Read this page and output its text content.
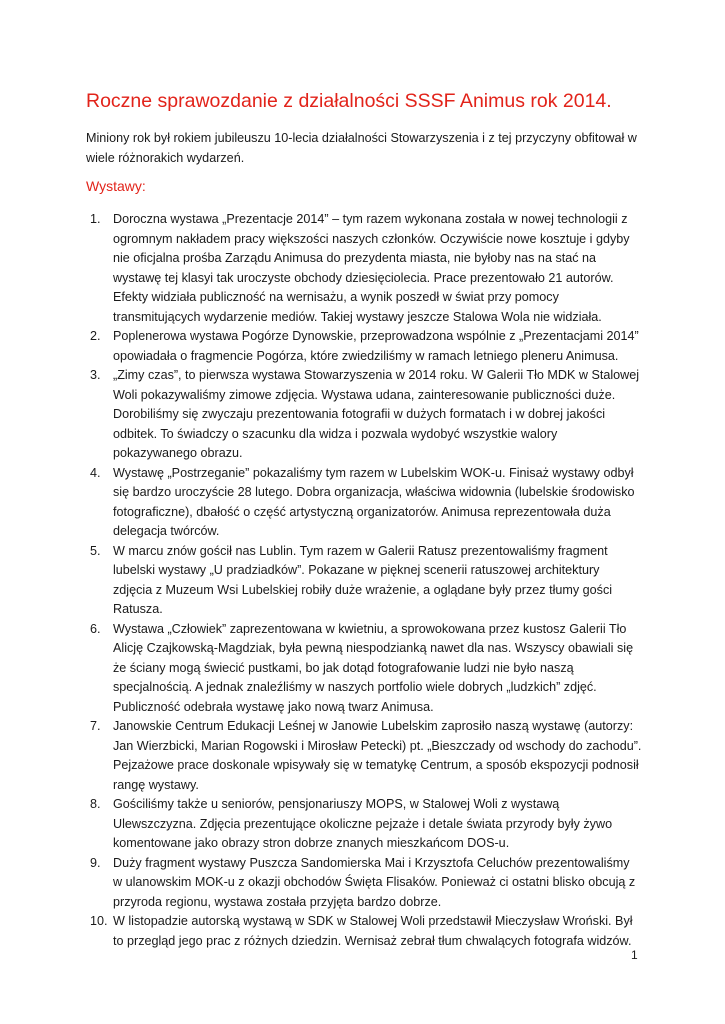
Roczne sprawozdanie z działalności SSSF Animus rok 2014.

Miniony rok był rokiem jubileuszu 10-lecia działalności Stowarzyszenia i z tej przyczyny obfitował w wiele różnorakich wydarzeń.

Wystawy:
1. Doroczna wystawa „Prezentacje 2014” – tym razem wykonana została w nowej technologii z ogromnym nakładem pracy większości naszych członków. Oczywiście nowe kosztuje i gdyby nie oficjalna prośba Zarządu Animusa do prezydenta miasta, nie byłoby nas na stać na wystawę tej klasyi tak uroczyste obchody dziesięciolecia. Prace prezentowało 21 autorów.

Efekty widziała publiczność na wernisażu, a wynik poszedł w świat przy pomocy transmitujących wydarzenie mediów. Takiej wystawy jeszcze Stalowa Wola nie widziała.

2. Poplenerowa wystawa Pogórze Dynowskie, przeprowadzona wspólnie z „Prezentacjami 2014” opowiadała o fragmencie Pogórza, które zwiedziliśmy w ramach letniego pleneru Animusa.

3. „Zimy czas”, to pierwsza wystawa Stowarzyszenia w 2014 roku. W Galerii Tło MDK w Stalowej Woli pokazywaliśmy zimowe zdjęcia. Wystawa udana, zainteresowanie publiczności duże. Dorobiliśmy się zwyczaju prezentowania fotografii w dużych formatach i w dobrej jakości odbitek. To świadczy o szacunku dla widza i pozwala wydobyć wszystkie walory pokazywanego obrazu.

4. Wystawę „Postrzeganie” pokazaliśmy tym razem w Lubelskim WOK-u. Finisaż wystawy odbył się bardzo uroczyście 28 lutego. Dobra organizacja, właściwa widownia (lubelskie środowisko fotograficzne), dbałość o część artystyczną organizatorów. Animusa reprezentowała duża delegacja twórców.

5. W marcu znów gościł nas Lublin. Tym razem w Galerii Ratusz prezentowaliśmy fragment lubelski wystawy „U pradziadków”. Pokazane w pięknej scenerii ratuszowej architektury zdjęcia z Muzeum Wsi Lubelskiej robiły duże wrażenie, a oglądane były przez tłumy gości Ratusza.

6. Wystawa „Człowiek” zaprezentowana w kwietniu, a sprowokowana przez kustosz Galerii Tło Alicję Czajkowską-Magdziak, była pewną niespodzianką nawet dla nas. Wszyscy obawiali się że ściany mogą świecić pustkami, bo jak dotąd fotografowanie ludzi nie było naszą specjalnością. A jednak znaleźliśmy w naszych portfolio wiele dobrych „ludzkich” zdjęć. Publiczność odebrała wystawę jako nową twarz Animusa.

7. Janowskie Centrum Edukacji Leśnej w Janowie Lubelskim zaprosiło naszą wystawę (autorzy: Jan Wierzbicki, Marian Rogowski i Mirosław Petecki) pt. „Bieszczady od wschody do zachodu”. Pejzażowe prace doskonale wpisywały się w tematykę Centrum, a sposób ekspozycji podnosił rangę wystawy.

8. Gościliśmy także u seniorów, pensjonariuszy MOPS, w Stalowej Woli z wystawą Ulewszczyzna. Zdjęcia prezentujące okoliczne pejzaże i detale świata przyrody były żywo komentowane jako obrazy stron dobrze znanych mieszkańcom DOS-u.

9. Duży fragment wystawy Puszcza Sandomierska Mai i Krzysztofa Celuchów prezentowaliśmy w ulanowskim MOK-u z okazji obchodów Święta Flisaków. Ponieważ ci ostatni blisko obcują z przyroda regionu, wystawa została przyjęta bardzo dobrze.

10. W listopadzie autorską wystawą w SDK w Stalowej Woli przedstawił Mieczysław Wroński. Był to przegląd jego prac z różnych dziedzin. Wernisaż zebrał tłum chwalących fotografa widzów.

1
